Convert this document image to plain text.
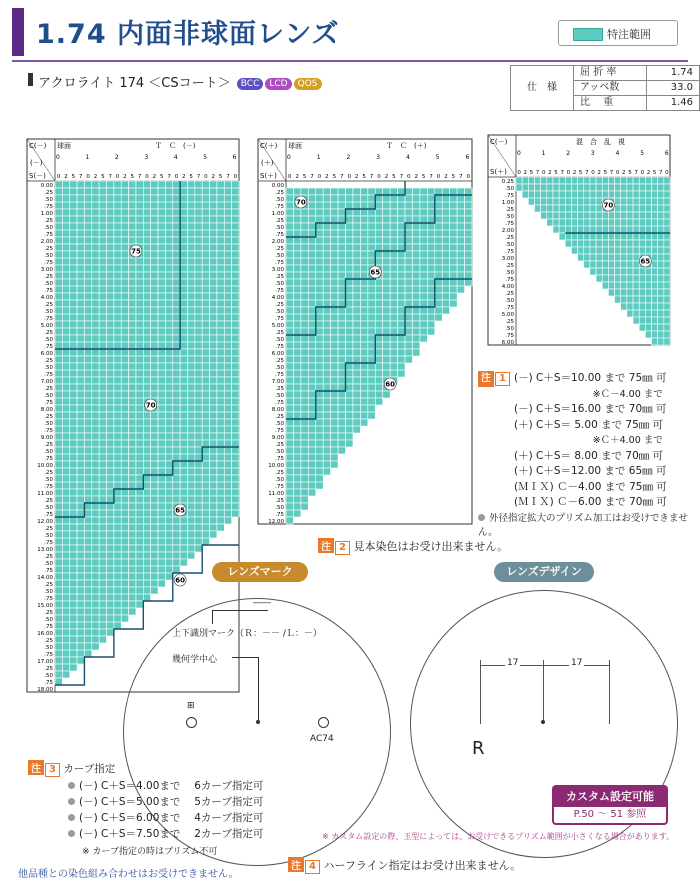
1.74 内面非球面レンズ	特注範囲
アクロライト 174 ＜CSコート＞ BCC LCD QOS	仕　様	屈 折 率	1.74
	アッベ数	33.0
	比　 重	1.46
C(－)
S(－)
球面	Ｔ　Ｃ　(－)
(－)
0	1	2	3	4	5	6
0 2 5 7 0 2 5 7 0 2 5 7 0 2 5 7 0 2 5 7 0 2 5 7 0
0.00
.25
.50
.75
1.00
.25
.50
.75
2.00
.25
.50
.75
3.00
.25
.50
.75
4.00
.25
.50
.75
5.00
.25
.50
.75
6.00
.25
.50
.75
7.00
.25
.50
.75
8.00
.25
.50
.75
9.00
.25
.50
.75
10.00
.25
.50
.75
11.00
.25
.50
.75
12.00
.25
.50
.75
13.00
.25
.50
.75
14.00
.25
.50
.75
15.00
.25
.50
.75
16.00
.25
.50
.75
17.00
.25
.50
.75
18.00
75
70
65
60
C(＋)
S(＋)
球面	Ｔ　Ｃ　(＋)
(＋)
0	1	2	3	4	5	6
0 2 5 7 0 2 5 7 0 2 5 7 0 2 5 7 0 2 5 7 0 2 5 7 0
0.00
.25
.50
.75
1.00
.25
.50
.75
2.00
.25
.50
.75
3.00
.25
.50
.75
4.00
.25
.50
.75
5.00
.25
.50
.75
6.00
.25
.50
.75
7.00
.25
.50
.75
8.00
.25
.50
.75
9.00
.25
.50
.75
10.00
.25
.50
.75
11.00
.25
.50
.75
12.00
70
65
60
C(－)
S(＋)
混　合　乱　視
0	1	2	3	4	5	6
0 2 5 7 0 2 5 7 0 2 5 7 0 2 5 7 0 2 5 7 0 2 5 7 0
0.25
.50
.75
1.00
.25
.50
.75
2.00
.25
.50
.75
3.00
.25
.50
.75
4.00
.25
.50
.75
5.00
.25
.50
.75
6.00
70
65
注 1 (－) C＋S＝10.00 まで 75㎜ 可
※Ｃ－4.00 まで
(－) C＋S＝16.00 まで 70㎜ 可
(＋) C＋S＝ 5.00 まで 75㎜ 可
※Ｃ＋4.00 まで
(＋) C＋S＝ 8.00 まで 70㎜ 可
(＋) C＋S＝12.00 まで 65㎜ 可
(ＭＩＸ) Ｃ－4.00 まで 75㎜ 可
(ＭＩＸ) Ｃ－6.00 まで 70㎜ 可
外径指定拡大のプリズム加工はお受けできません。
注 2 見本染色はお受け出来ません。
レンズマーク
――
上下識別マーク（Ｒ：－－ /Ｌ：－）
幾何学中心
⊞
AC74
レンズデザイン
17	17
R
注 3 カーブ指定
(－) C＋S＝4.00まで　 6カーブ指定可
(－) C＋S＝5.00まで　 5カーブ指定可
(－) C＋S＝6.00まで　 4カーブ指定可
(－) C＋S＝7.50まで　 2カーブ指定可
※ カーブ指定の時はプリズム不可
カスタム設定可能
P.50 ～ 51 参照
※ カスタム設定の際、玉型によっては、お受けできるプリズム範囲が小さくなる場合があります。
注 4 ハーフライン指定はお受け出来ません。
他品種との染色組み合わせはお受けできません。
